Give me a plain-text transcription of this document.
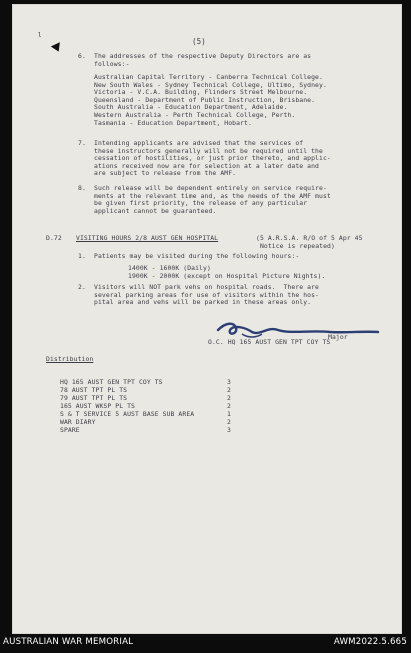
(5)
l
6. The addresses of the respective Deputy Directors are as
follows:-
Australian Capital Territory - Canberra Technical College.
New South Wales - Sydney Technical College, Ultimo, Sydney.
Victoria - V.C.A. Building, Flinders Street Melbourne.
Queensland - Department of Public Instruction, Brisbane.
South Australia - Education Department, Adelaide.
Western Australia - Perth Technical College, Perth.
Tasmania - Education Department, Hobart.
7. Intending applicants are advised that the services of
these instructors generally will not be required until the
cessation of hostilities, or just prior thereto, and applic-
ations received now are for selection at a later date and
are subject to release from the AMF.
8. Such release will be dependent entirely on service require-
ments at the relevant time and, as the needs of the AMF must
be given first priority, the release of any particular
applicant cannot be guaranteed.
D.72 VISITING HOURS 2/8 AUST GEN HOSPITAL	(5 A.R.S.A. R/O of 5 Apr 45
Notice is repeated)
1. Patients may be visited during the following hours:-
1400K - 1600K (Daily)
1900K - 2000K (except on Hospital Picture Nights).
2. Visitors will NOT park vehs on hospital roads.  There are
several parking areas for use of visitors within the hos-
pital area and vehs will be parked in these areas only.
Major
O.C. HQ 165 AUST GEN TPT COY TS
Distribution
HQ 165 AUST GEN TPT COY TS	3
78 AUST TPT PL TS	2
79 AUST TPT PL TS	2
165 AUST WKSP PL TS	2
S & T SERVICE 5 AUST BASE SUB AREA	1
WAR DIARY	2
SPARE	3
AUSTRALIAN WAR MEMORIAL	AWM2022.5.665
